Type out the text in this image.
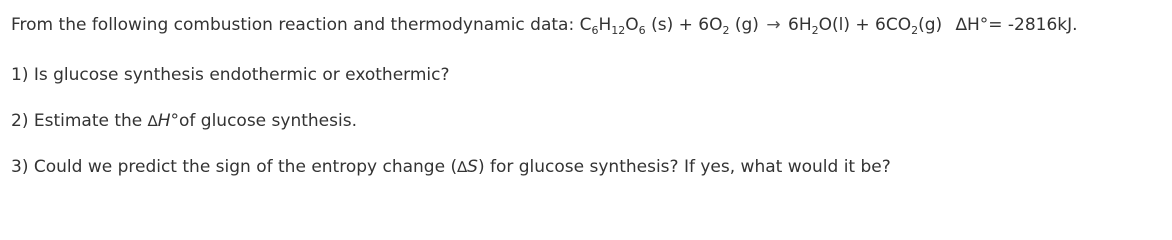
From the following combustion reaction and thermodynamic data: $C_6H_{12}O_6$ $(s) + 6O_2$ $(g) \to 6H_2O(l) + 6CO_2(g)$ ∆H°= -2816kJ.
1) Is glucose synthesis endothermic or exothermic?
2) Estimate the ∆H°of glucose synthesis.
3) Could we predict the sign of the entropy change (∆S) for glucose synthesis? If yes, what would it be?
